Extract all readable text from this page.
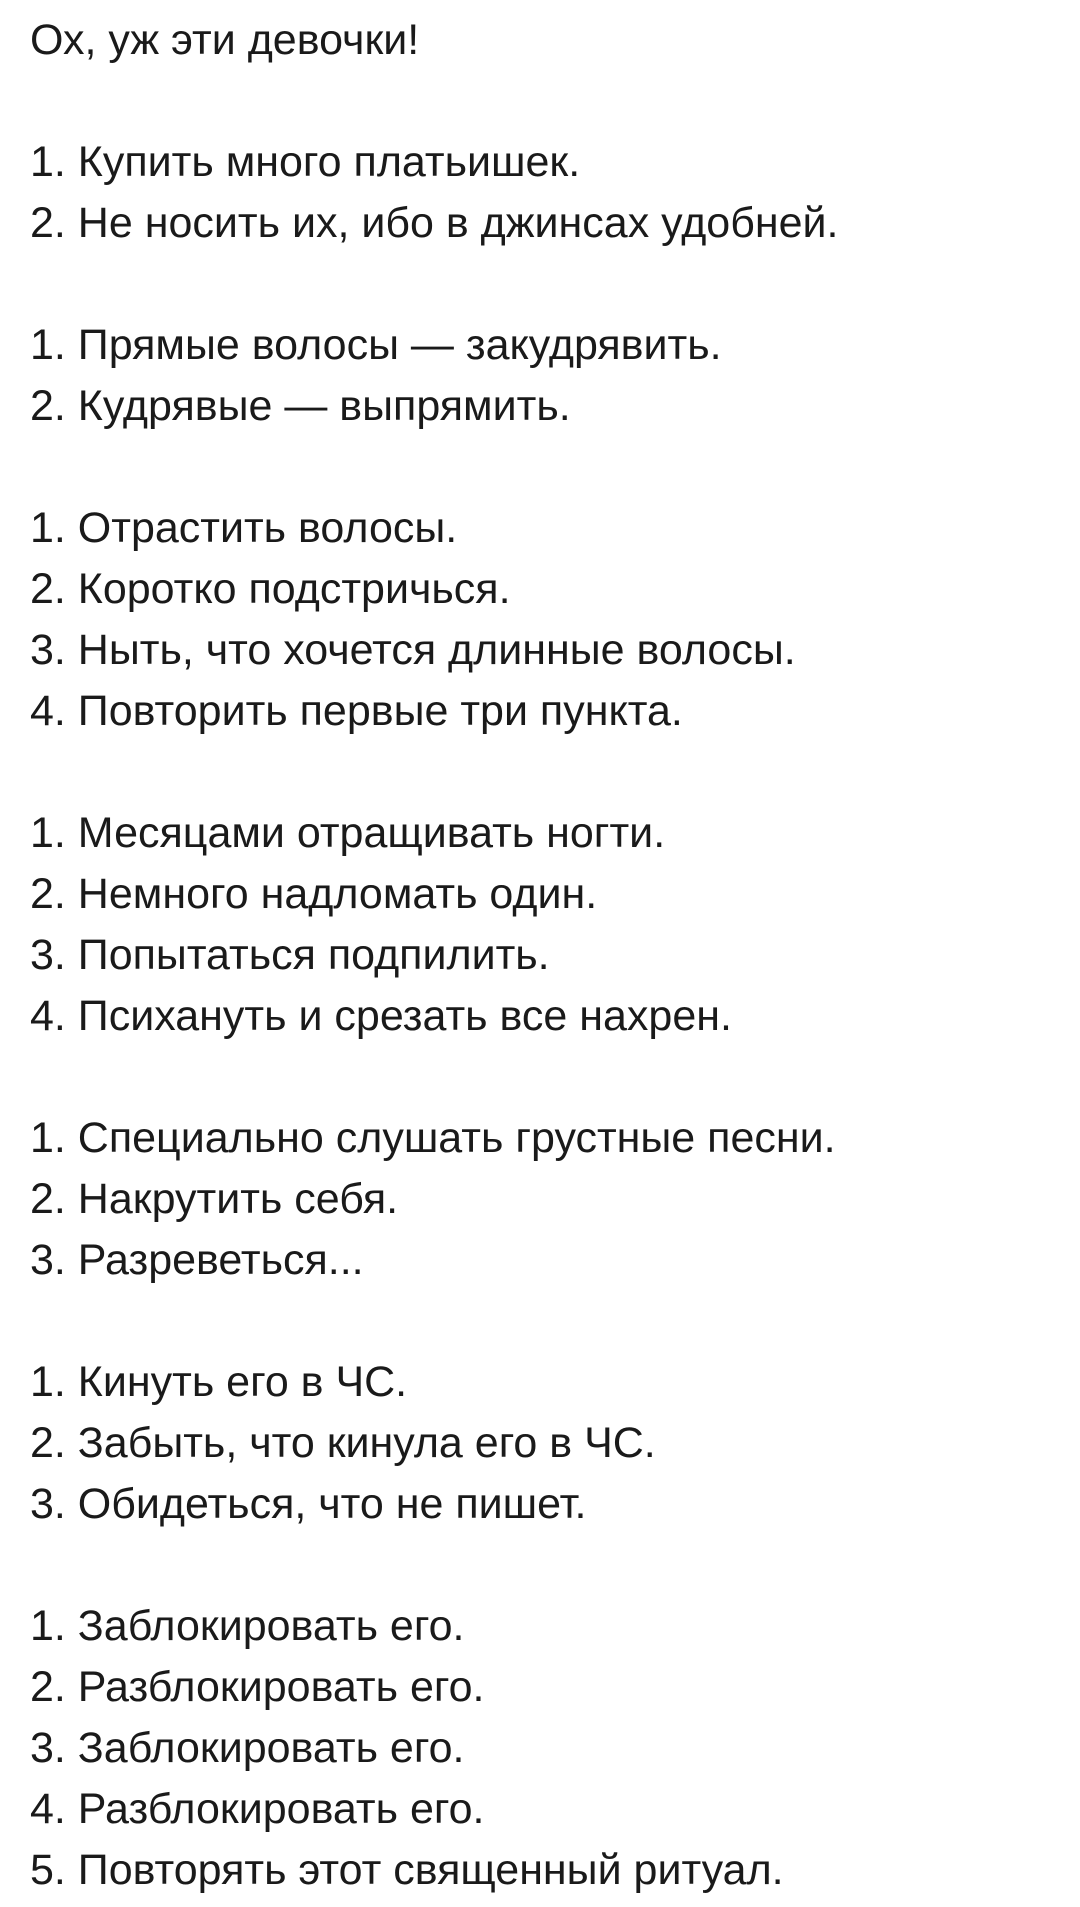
Ох, уж эти девочки!
1. Купить много платьишек.
2. Не носить их, ибо в джинсах удобней.
1. Прямые волосы — закудрявить.
2. Кудрявые — выпрямить.
1. Отрастить волосы.
2. Коротко подстричься.
3. Ныть, что хочется длинные волосы.
4. Повторить первые три пункта.
1. Месяцами отращивать ногти.
2. Немного надломать один.
3. Попытаться подпилить.
4. Психануть и срезать все нахрен.
1. Специально слушать грустные песни.
2. Накрутить себя.
3. Разреветься...
1. Кинуть его в ЧС.
2. Забыть, что кинула его в ЧС.
3. Обидеться, что не пишет.
1. Заблокировать его.
2. Разблокировать его.
3. Заблокировать его.
4. Разблокировать его.
5. Повторять этот священный ритуал.
